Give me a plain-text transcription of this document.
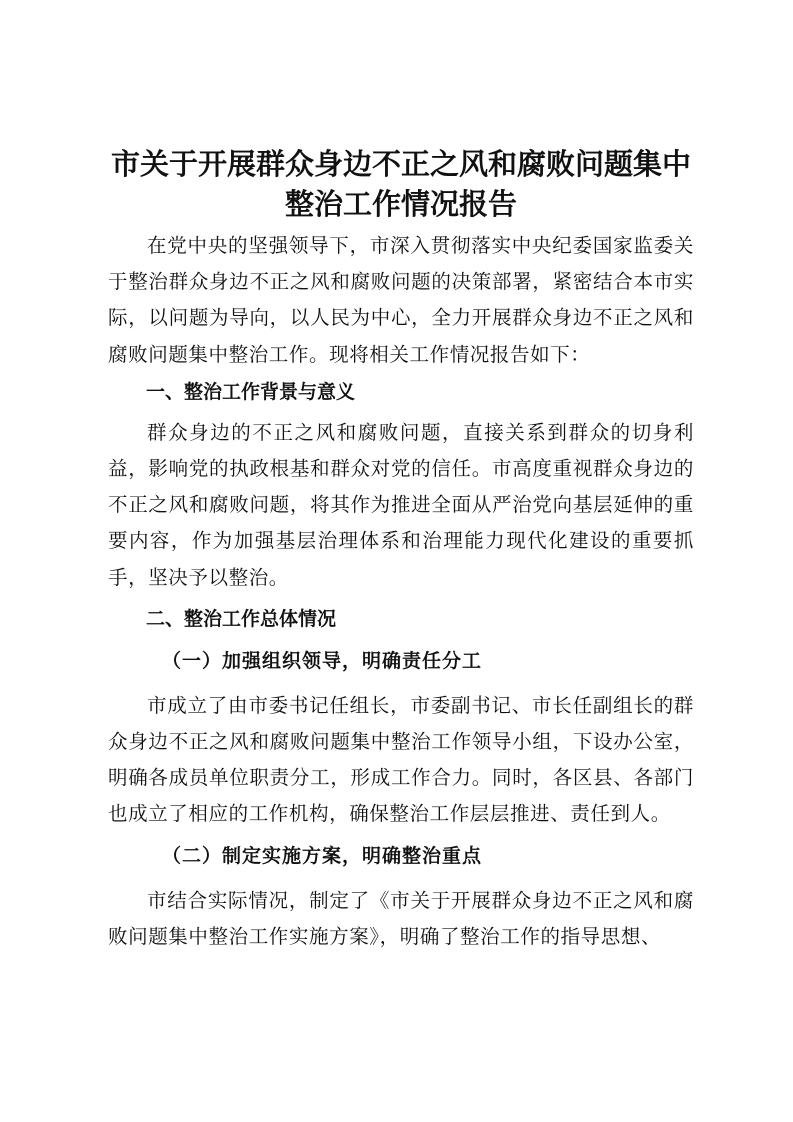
市关于开展群众身边不正之风和腐败问题集中
整治工作情况报告

在党中央的坚强领导下，市深入贯彻落实中央纪委国家监委关于整治群众身边不正之风和腐败问题的决策部署，紧密结合本市实际，以问题为导向，以人民为中心，全力开展群众身边不正之风和腐败问题集中整治工作。现将相关工作情况报告如下：

一、整治工作背景与意义

群众身边的不正之风和腐败问题，直接关系到群众的切身利益，影响党的执政根基和群众对党的信任。市高度重视群众身边的不正之风和腐败问题，将其作为推进全面从严治党向基层延伸的重要内容，作为加强基层治理体系和治理能力现代化建设的重要抓手，坚决予以整治。

二、整治工作总体情况
（一）加强组织领导，明确责任分工

市成立了由市委书记任组长，市委副书记、市长任副组长的群众身边不正之风和腐败问题集中整治工作领导小组，下设办公室，明确各成员单位职责分工，形成工作合力。同时，各区县、各部门也成立了相应的工作机构，确保整治工作层层推进、责任到人。

（二）制定实施方案，明确整治重点

市结合实际情况，制定了《市关于开展群众身边不正之风和腐败问题集中整治工作实施方案》，明确了整治工作的指导思想、
